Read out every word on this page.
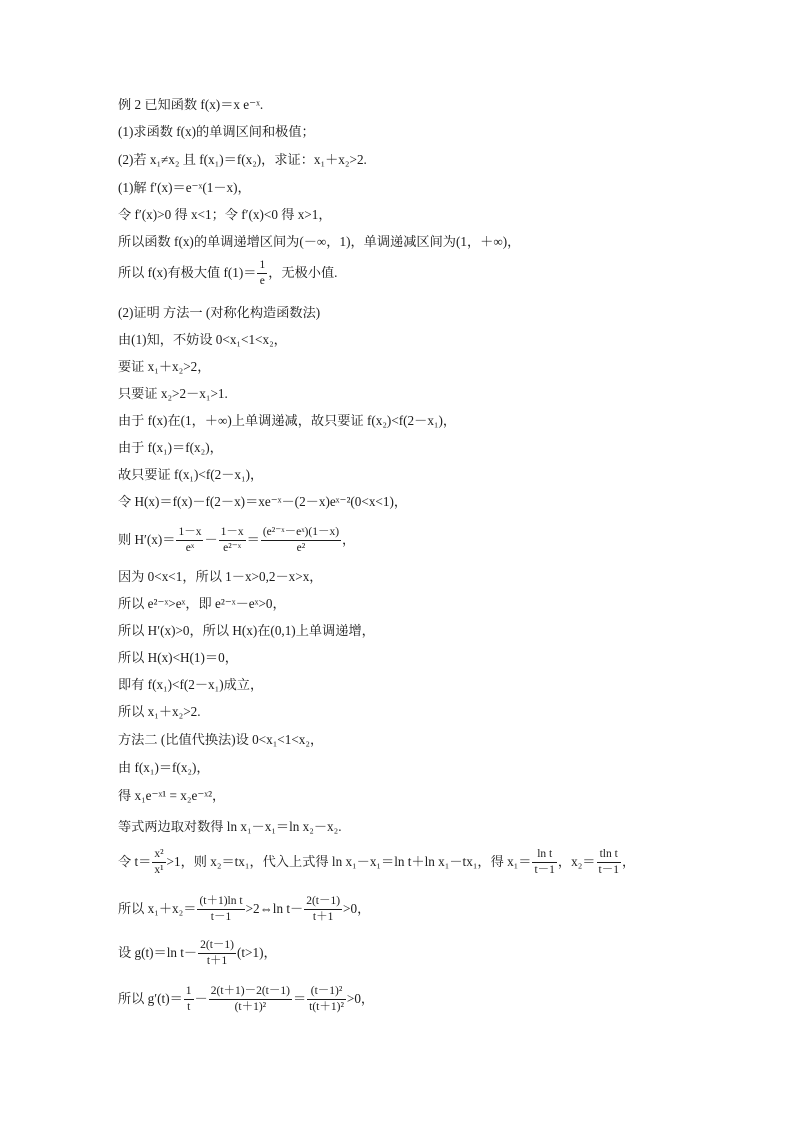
例 2 已知函数 f(x)＝x e⁻ˣ.
(1)求函数 f(x)的单调区间和极值；
(2)若 x₁≠x₂ 且 f(x₁)＝f(x₂)，求证：x₁＋x₂>2.
(1)解 f′(x)＝e⁻ˣ(1－x)，
令 f′(x)>0 得 x<1；令 f′(x)<0 得 x>1，
所以函数 f(x)的单调递增区间为(－∞，1)，单调递减区间为(1，＋∞)，
所以 f(x)有极大值 $f(1)= \frac{1}{e}$ ，无极小值.
(2)证明 方法一 (对称化构造函数法)
由(1)知，不妨设 0<x₁<1<x₂，
要证 x₁＋x₂>2，
只要证 x₂>2－x₁>1.
由于 f(x)在(1，＋∞)上单调递减，故只要证 f(x₂)<f(2－x₁)，
由于 f(x₁)＝f(x₂)，
故只要证 f(x₁)<f(2－x₁)，
令 H(x)＝f(x)－f(2－x)＝xe⁻ˣ－(2－x)eˣ⁻²(0<x<1)，
则 $H'(x)= \frac{1-x}{\text{eˣ}} - \frac{1-x}{\text{e²⁻ˣ}} = \frac{\text{(e²⁻ˣ－eˣ)(1－x)}}{\text{e²}}$ ，
因为 0<x<1，所以 1－x>0,2－x>x，
所以 e²⁻ˣ>eˣ，即 e²⁻ˣ－eˣ>0，
所以 H′(x)>0，所以 H(x)在(0,1)上单调递增，
所以 H(x)<H(1)＝0，
即有 f(x₁)<f(2－x₁)成立，
所以 x₁＋x₂>2.
方法二 (比值代换法)设 0<x₁<1<x₂，
由 f(x₁)＝f(x₂)，
得 x₁e⁻ˣ¹ = x₂e⁻ˣ²，
等式两边取对数得 ln x₁－x₁＝ln x₂－x₂.
令 $t= \frac{\text{x²}}{\text{x¹}} >1$，则 x₂＝tx₁，代入上式得 ln x₁－x₁＝ln t＋ln x₁－tx₁，得 $x_1= \frac{\text{ln t}}{t-1}$ ，$x_2= \frac{\text{tln t}}{t-1}$ ，
所以 $x_1+x_2= \frac{\text{(t＋1)ln t}}{t-1}$ >2⇔ln $t- \frac{2(t-1)}{t+1} >0$，
设 g(t)＝ln $t- \frac{2(t-1)}{t+1} (t>1)$，
所以 $g'(t)= \frac{1}{t} - \frac{2(t+1)-2(t-1)}{\text{(t＋1)²}} = \frac{\text{(t－1)²}}{\text{t(t＋1)²}} >0$，
